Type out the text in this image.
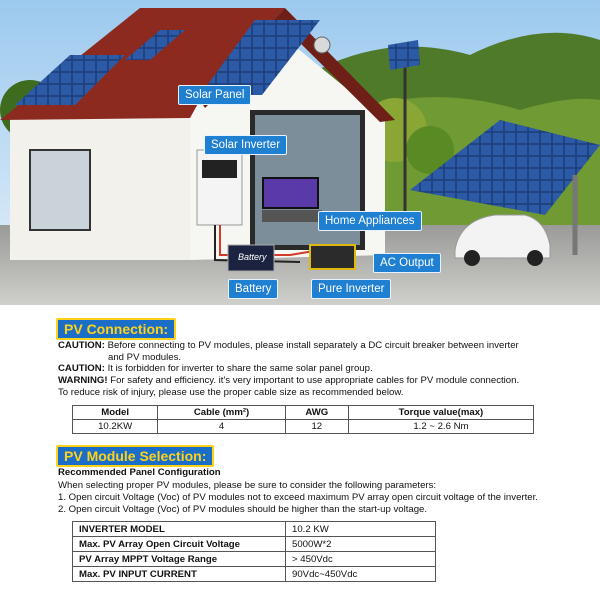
Solar Panel
Solar Inverter
Home Appliances
AC Output
Battery	Pure Inverter
Battery
PV Connection:
CAUTION: Before connecting to PV modules, please install separately a DC circuit breaker between inverter
and PV modules.
CAUTION: It is forbidden for inverter to share the same solar panel group.
WARNING! For safety and efficiency. it's very important to use appropriate cables for PV module connection.
To reduce risk of injury, please use the proper cable size as recommended below.
Model	Cable (mm²)	AWG	Torque value(max)
10.2KW	4	12	1.2 ~ 2.6 Nm
PV Module Selection:
Recommended Panel Configuration
When selecting proper PV modules, please be sure to consider the following parameters:
1. Open circuit Voltage (Voc) of PV modules not to exceed maximum PV array open circuit voltage of the inverter.
2. Open circuit Voltage (Voc) of PV modules should be higher than the start-up voltage.
INVERTER MODEL	10.2 KW
Max. PV Array Open Circuit Voltage	5000W*2
PV Array MPPT Voltage Range	> 450Vdc
Max. PV INPUT CURRENT	90Vdc~450Vdc
